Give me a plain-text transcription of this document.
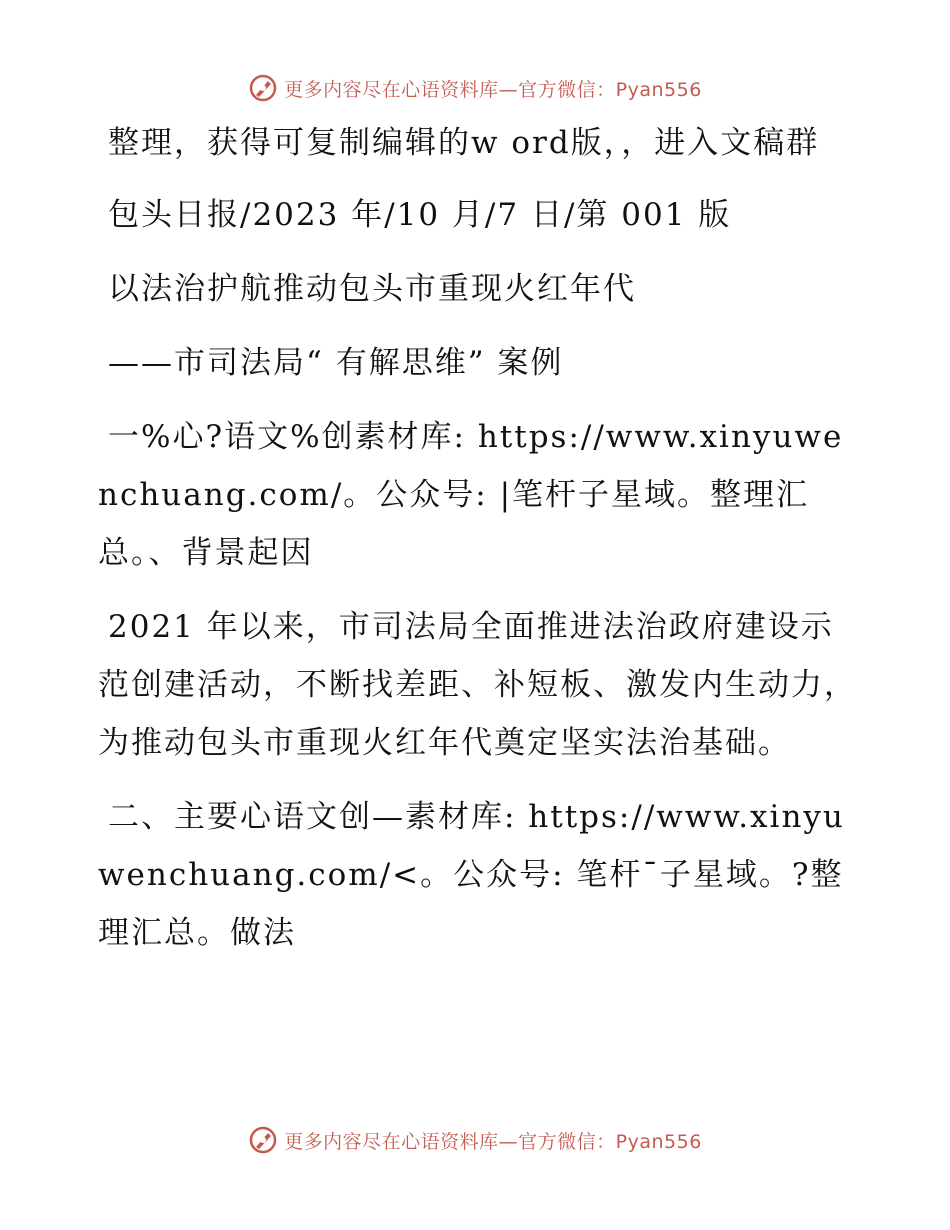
更多内容尽在心语资料库—官方微信：Pyan556

整理，获得可复制编辑的w ord版，，进入文稿群

包头日报/2023 年/10 月/7 日/第 001 版

以法治护航推动包头市重现火红年代

——市司法局“ 有解思维” 案例

一%心?语文%创素材库: https://www.xinyuwenchuang.com/。公众号: |笔杆子星域。整理汇总。、背景起因

2021 年以来，市司法局全面推进法治政府建设示范创建活动，不断找差距、补短板、激发内生动力，为推动包头市重现火红年代奠定坚实法治基础。

二、主要心语文创—素材库: https://www.xinyuwenchuang.com/<。公众号: 笔杆¯子星域。?整理汇总。做法

更多内容尽在心语资料库—官方微信：Pyan556
